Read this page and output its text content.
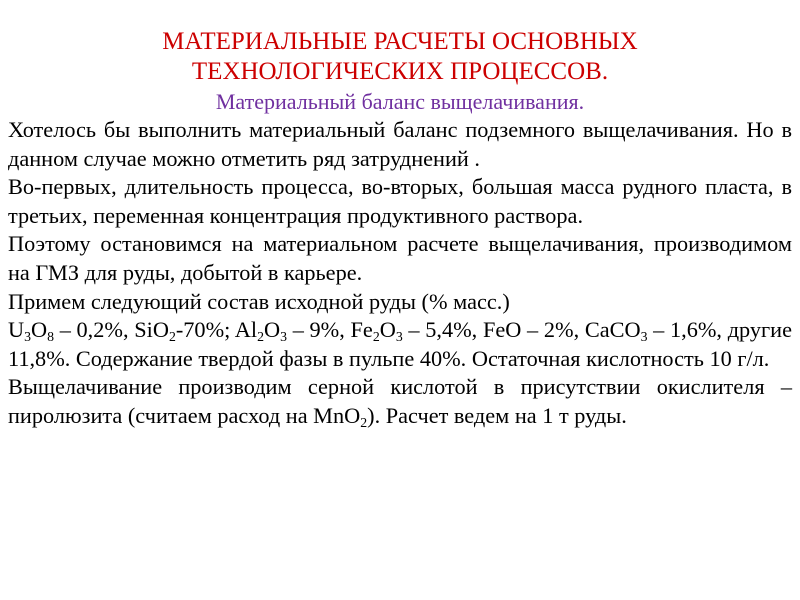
МАТЕРИАЛЬНЫЕ РАСЧЕТЫ ОСНОВНЫХ
ТЕХНОЛОГИЧЕСКИХ ПРОЦЕССОВ.
Материальный баланс выщелачивания.

Хотелось бы выполнить материальный баланс подземного выщелачивания. Но в данном случае можно отметить ряд затруднений .

Во-первых, длительность процесса, во-вторых, большая масса рудного пласта, в третьих, переменная концентрация продуктивного раствора.

Поэтому остановимся на материальном расчете выщелачивания, производимом на ГМЗ для руды, добытой в карьере.

Примем следующий состав исходной руды (% масс.)

$U_3O_8 - 0,2\%$, SiO$_2$-70%; $Al_2O_3 - 9\%$, $Fe_2O_3 - 5,4\%$, FeO – 2%, CaCO$_3$ – 1,6%, другие 11,8%. Содержание твердой фазы в пульпе 40%. Остаточная кислотность 10 г/л.

Выщелачивание производим серной кислотой в присутствии окислителя – пиролюзита (считаем расход на MnO$_2$). Расчет ведем на 1 т руды.
